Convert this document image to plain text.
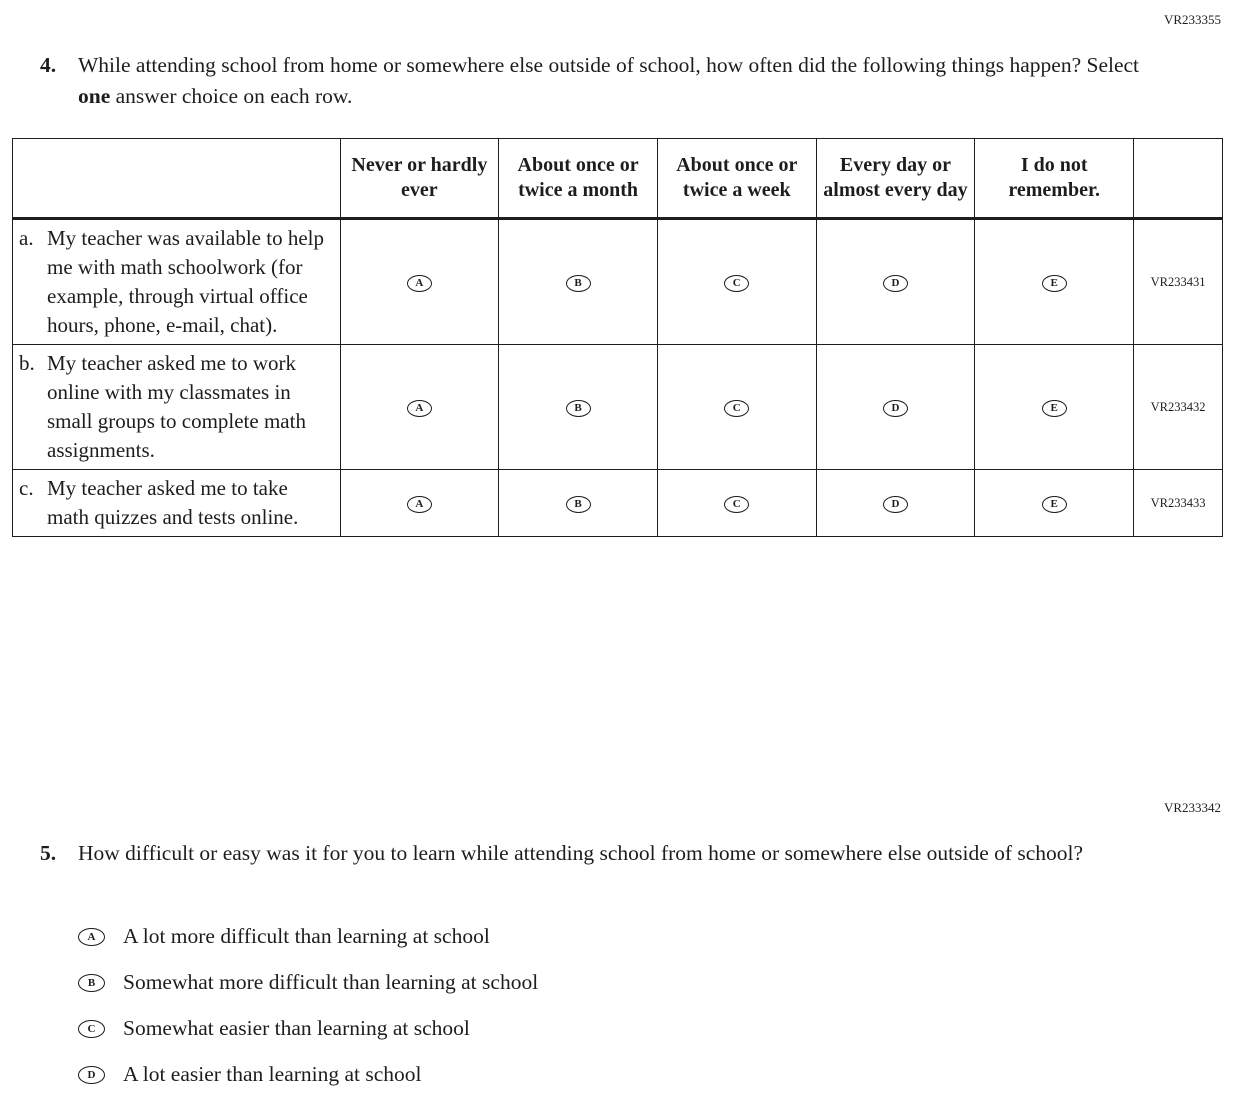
VR233355
4.	While attending school from home or somewhere else outside of school, how often did the following things happen? Select one answer choice on each row.
	Never or hardly ever	About once or twice a month	About once or twice a week	Every day or almost every day	I do not remember.	

a. My teacher was available to help me with math schoolwork (for example, through virtual office hours, phone, e-mail, chat).	A	B	C	D	E	VR233431

b. My teacher asked me to work online with my classmates in small groups to complete math assignments.	A	B	C	D	E	VR233432

c. My teacher asked me to take math quizzes and tests online.	A	B	C	D	E	VR233433
VR233342
5.	How difficult or easy was it for you to learn while attending school from home or somewhere else outside of school?
A	A lot more difficult than learning at school
B	Somewhat more difficult than learning at school
C	Somewhat easier than learning at school
D	A lot easier than learning at school
